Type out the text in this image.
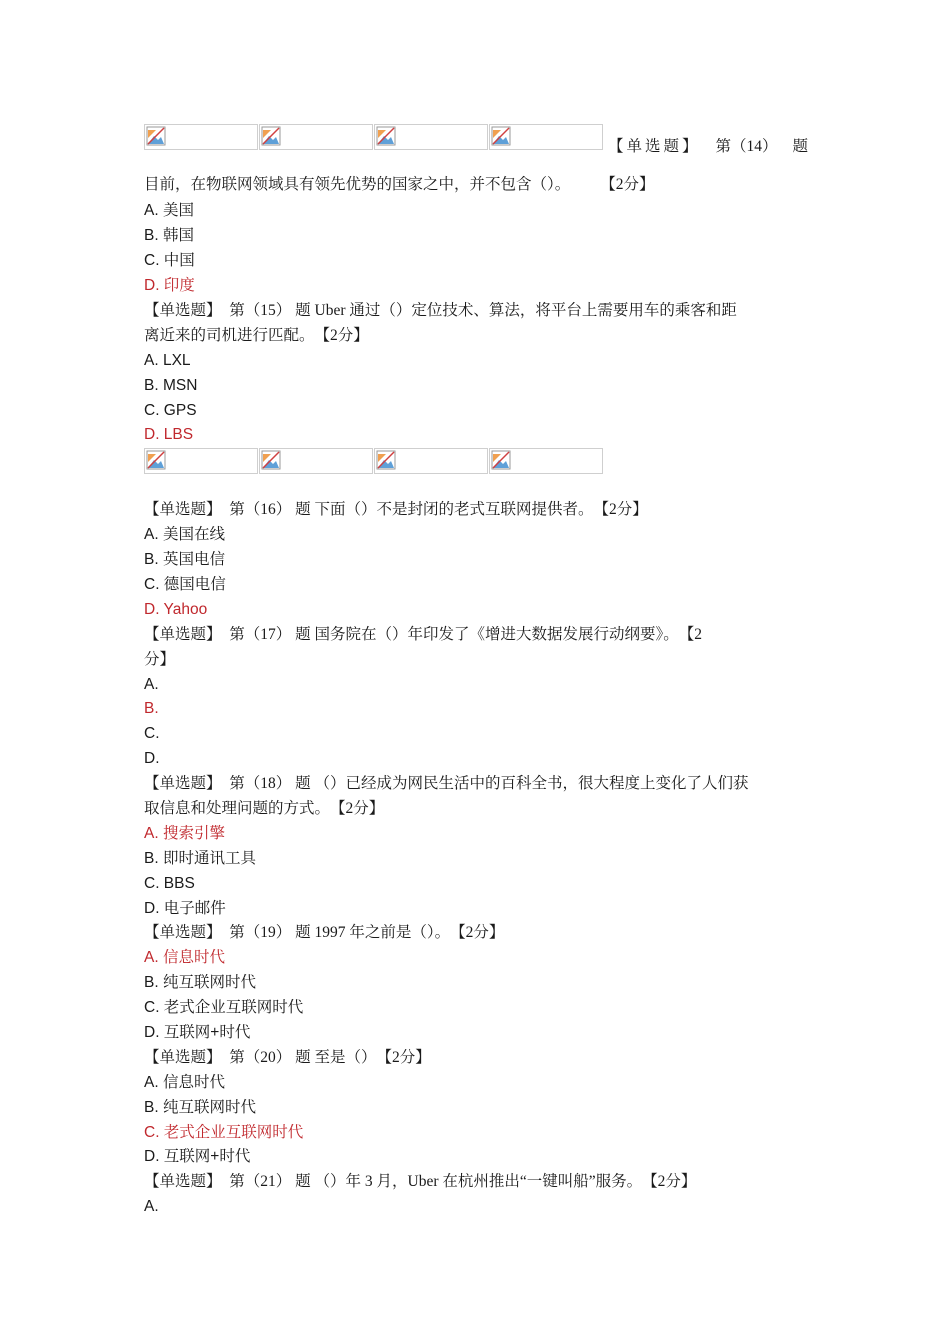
【单选题】 第（14） 题
目前，在物联网领域具有领先优势的国家之中，并不包含（）。 【2分】
A. 美国
B. 韩国
C. 中国
D. 印度
【单选题】　第（15） 题 Uber 通过（）定位技术、算法，将平台上需要用车的乘客和距
离近来的司机进行匹配。　【2分】
A. LXL
B. MSN
C. GPS
D. LBS
【单选题】　第（16） 题 下面（）不是封闭的老式互联网提供者。　【2分】
A. 美国在线
B. 英国电信
C. 德国电信
D. Yahoo
【单选题】　第（17） 题 国务院在（）年印发了《增进大数据发展行动纲要》。　【2
分】
A.
B.
C.
D.
【单选题】　第（18） 题 （）已经成为网民生活中的百科全书，很大程度上变化了人们获
取信息和处理问题的方式。　【2分】
A. 搜索引擎
B. 即时通讯工具
C. BBS
D. 电子邮件
【单选题】　第（19） 题 1997 年之前是（）。　【2分】
A. 信息时代
B. 纯互联网时代
C. 老式企业互联网时代
D. 互联网+时代
【单选题】　第（20） 题 至是（）　【2分】
A. 信息时代
B. 纯互联网时代
C. 老式企业互联网时代
D. 互联网+时代
【单选题】　第（21） 题 （）年 3 月，Uber 在杭州推出“一键叫船”服务。　【2分】
A.
